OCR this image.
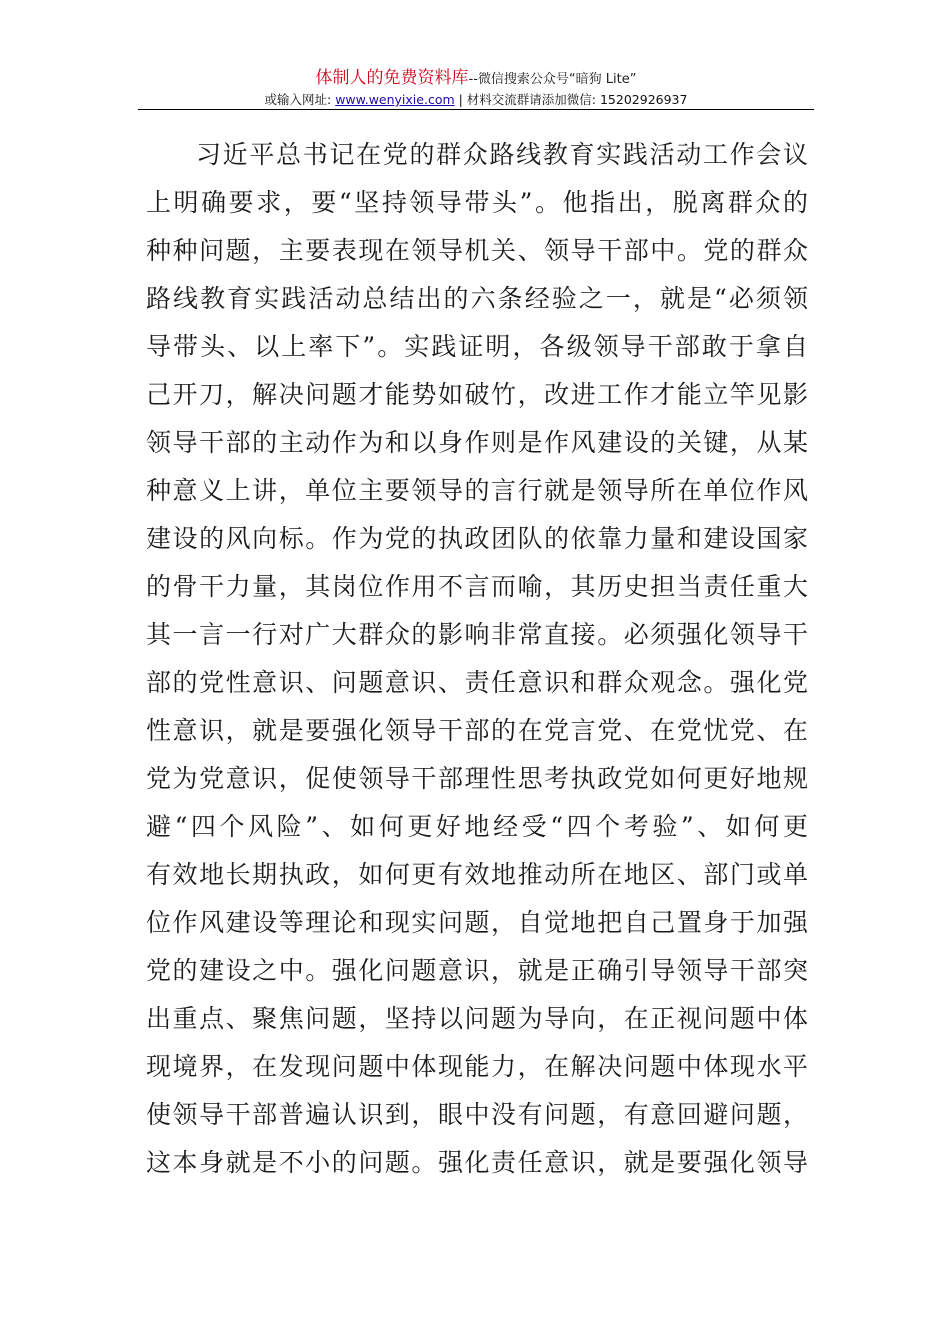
体制人的免费资料库--微信搜索公众号“暗狗 Lite”
或输入网址: www.wenyixie.com | 材料交流群请添加微信: 15202926937
习近平总书记在党的群众路线教育实践活动工作会议
上明确要求，要“坚持领导带头”。他指出，脱离群众的
种种问题，主要表现在领导机关、领导干部中。党的群众
路线教育实践活动总结出的六条经验之一，就是“必须领
导带头、以上率下”。实践证明，各级领导干部敢于拿自
己开刀，解决问题才能势如破竹，改进工作才能立竿见影
领导干部的主动作为和以身作则是作风建设的关键，从某
种意义上讲，单位主要领导的言行就是领导所在单位作风
建设的风向标。作为党的执政团队的依靠力量和建设国家
的骨干力量，其岗位作用不言而喻，其历史担当责任重大
其一言一行对广大群众的影响非常直接。必须强化领导干
部的党性意识、问题意识、责任意识和群众观念。强化党
性意识，就是要强化领导干部的在党言党、在党忧党、在
党为党意识，促使领导干部理性思考执政党如何更好地规
避“四个风险”、如何更好地经受“四个考验”、如何更
有效地长期执政，如何更有效地推动所在地区、部门或单
位作风建设等理论和现实问题，自觉地把自己置身于加强
党的建设之中。强化问题意识，就是正确引导领导干部突
出重点、聚焦问题，坚持以问题为导向，在正视问题中体
现境界，在发现问题中体现能力，在解决问题中体现水平
使领导干部普遍认识到，眼中没有问题，有意回避问题，
这本身就是不小的问题。强化责任意识，就是要强化领导
